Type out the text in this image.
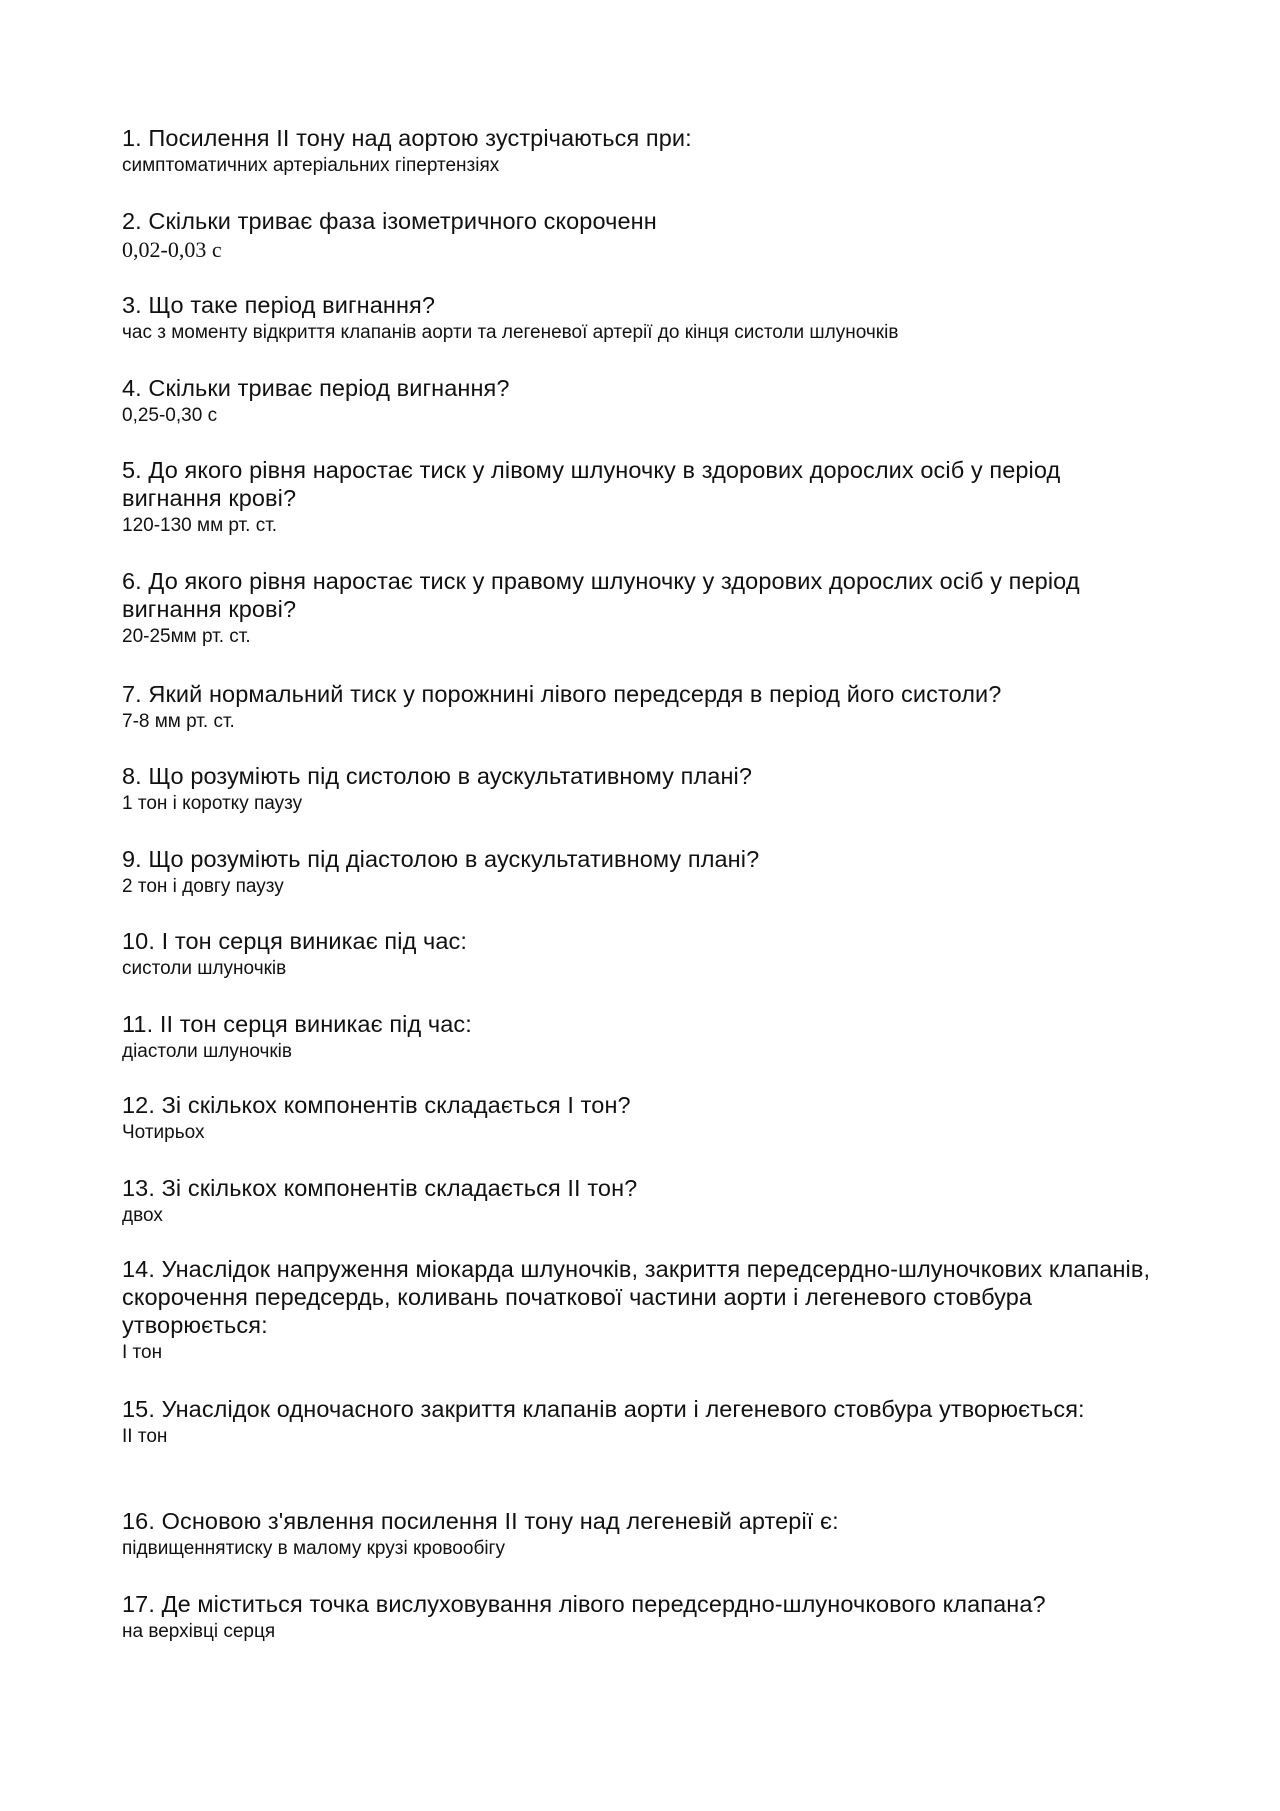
1. Посилення II тону над аортою зустрічаються при:

симптоматичних артеріальних гіпертензіях

2. Скільки триває фаза ізометричного скороченн

0,02-0,03 с

3. Що таке період вигнання?

час з моменту відкриття клапанів аорти та легеневої артерії до кінця систоли шлуночків

4. Скільки триває період вигнання?

0,25-0,30 с

5. До якого рівня наростає тиск у лівому шлуночку в здорових дорослих осіб у період вигнання крові?

120-130 мм рт. ст.

6. До якого рівня наростає тиск у правому шлуночку у здорових дорослих осіб у період вигнання крові?

20-25мм рт. ст.

7. Який нормальний тиск у порожнині лівого передсердя в період його систоли?

7-8 мм рт. ст.

8. Що розуміють під систолою в аускультативному плані?

1 тон і коротку паузу

9. Що розуміють під діастолою в аускультативному плані?

2 тон і довгу паузу

10. I тон серця виникає під час:

систоли шлуночків

11. II тон серця виникає під час:

діастоли шлуночків

12. Зі скількох компонентів складається I тон?

Чотирьох

13. Зі скількох компонентів складається II тон?

двох

14. Унаслідок напруження міокарда шлуночків, закриття передсердно-шлуночкових клапанів, скорочення передсердь, коливань початкової частини аорти і легеневого стовбура утворюється:

I тон

15. Унаслідок одночасного закриття клапанів аорти і легеневого стовбура утворюється:

II тон

16. Основою з'явлення посилення II тону над легеневій артерії є:

підвищеннятиску в малому крузі кровообігу

17. Де міститься точка вислуховування лівого передсердно-шлуночкового клапана?

на верхівці серця
